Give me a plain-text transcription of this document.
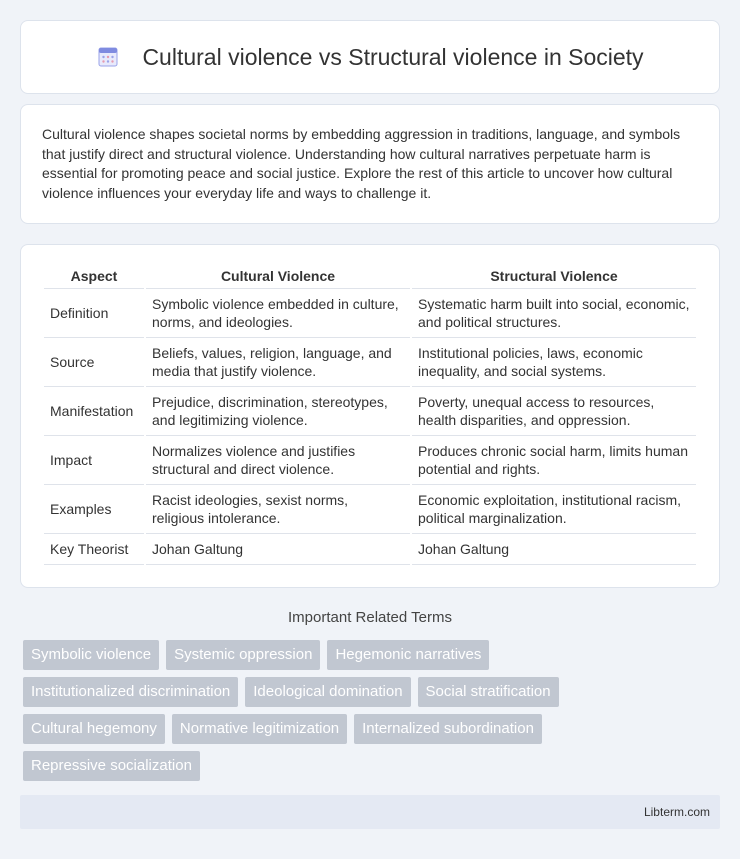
Cultural violence vs Structural violence in Society

Cultural violence shapes societal norms by embedding aggression in traditions, language, and symbols that justify direct and structural violence. Understanding how cultural narratives perpetuate harm is essential for promoting peace and social justice. Explore the rest of this article to uncover how cultural violence influences your everyday life and ways to challenge it.

Aspect	Cultural Violence	Structural Violence
Definition	Symbolic violence embedded in culture, norms, and ideologies.	Systematic harm built into social, economic, and political structures.
Source	Beliefs, values, religion, language, and media that justify violence.	Institutional policies, laws, economic inequality, and social systems.
Manifestation	Prejudice, discrimination, stereotypes, and legitimizing violence.	Poverty, unequal access to resources, health disparities, and oppression.
Impact	Normalizes violence and justifies structural and direct violence.	Produces chronic social harm, limits human potential and rights.
Examples	Racist ideologies, sexist norms, religious intolerance.	Economic exploitation, institutional racism, political marginalization.
Key Theorist	Johan Galtung	Johan Galtung
Important Related Terms
Symbolic violence	Systemic oppression	Hegemonic narratives
Institutionalized discrimination	Ideological domination	Social stratification
Cultural hegemony	Normative legitimization	Internalized subordination
Repressive socialization
Libterm.com
